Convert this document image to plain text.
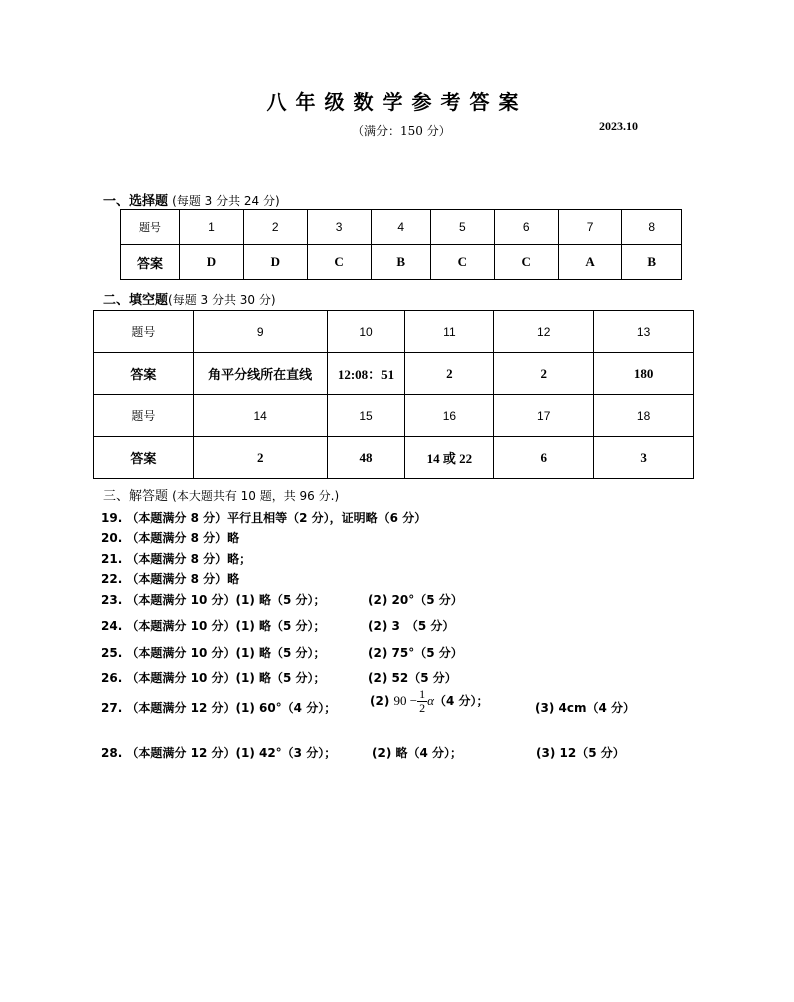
八年级数学参考答案
（满分：150 分）	2023.10
一、选择题 (每题 3 分共 24 分)
题号	1	2	3	4	5	6	7	8
答案	D	D	C	B	C	C	A	B
二、填空题(每题 3 分共 30 分)
题号	9	10	11	12	13
答案	角平分线所在直线	12:08：51	2	2	180
题号	14	15	16	17	18
答案	2	48	14 或 22	6	3
三、解答题 (本大题共有 10 题，共 96 分.)
19. （本题满分 8 分）平行且相等（2 分），证明略（6 分）
20. （本题满分 8 分）略
21. （本题满分 8 分）略；
22. （本题满分 8 分）略
23. （本题满分 10 分）(1) 略（5 分）；	(2) 20°（5 分）
24. （本题满分 10 分）(1) 略（5 分）；	(2) 3　（5 分）
25. （本题满分 10 分）(1) 略（5 分）；	(2) 75°（5 分）
26. （本题满分 10 分）(1) 略（5 分）；	(2) 52（5 分）
27. （本题满分 12 分）(1) 60°（4 分）；	(2) $90 - \frac{1}{2} \alpha(4$ 分）；	(3) 4cm（4 分）
28. （本题满分 12 分）(1) 42°（3 分）；	(2) 略（4 分）；	(3) 12（5 分）
